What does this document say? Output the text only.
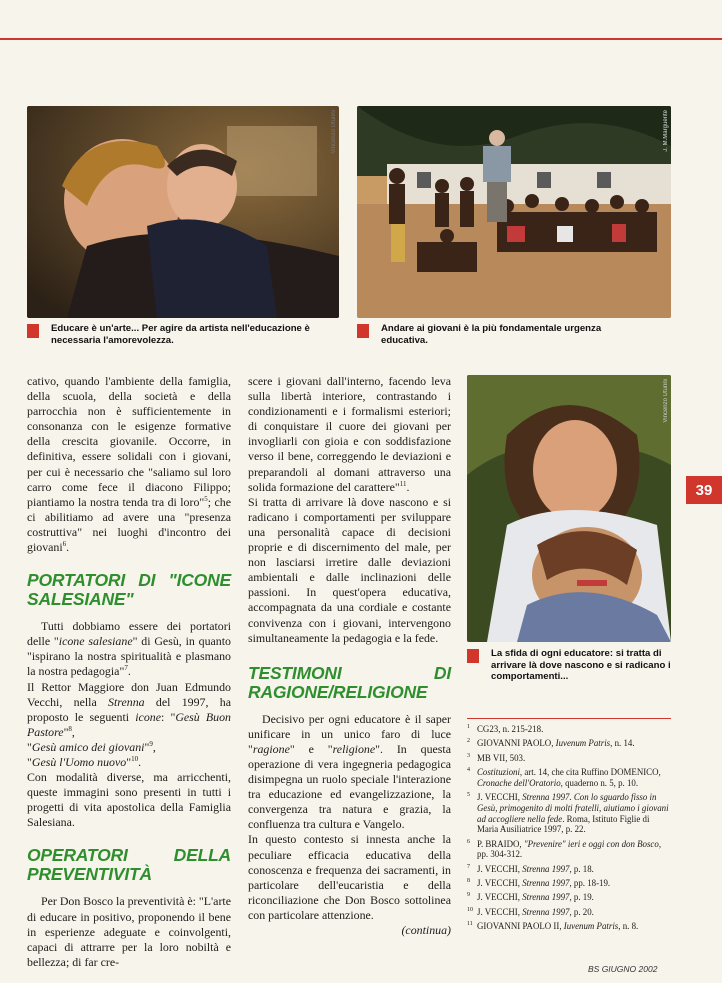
Vincenzo Utunni	J. M.Marguerite
Educare è un'arte... Per agire da artista nell'educazione è necessaria l'amorevolezza.
Andare ai giovani è la più fondamentale urgenza educativa.
Vincenzo Utunni
La sfida di ogni educatore: si tratta di arrivare là dove nascono e si radicano i comportamenti...
39

cativo, quando l'ambiente della famiglia, della scuola, della società e della parrocchia non è sufficientemente in consonanza con le esigenze formative della crescita giovanile. Occorre, in definitiva, essere solidali con i giovani, per cui è necessario che "saliamo sul loro carro come fece il diacono Filippo; piantiamo la nostra tenda tra di loro"$^5$; che ci abilitiamo ad avere una "presenza costruttiva" nei luoghi d'incontro dei giovani$^6$.

PORTATORI DI "ICONE SALESIANE"

Tutti dobbiamo essere dei portatori delle "icone salesiane" di Gesù, in quanto "ispirano la nostra spiritualità e plasmano la nostra pedagogia"$^7$.

Il Rettor Maggiore don Juan Edmundo Vecchi, nella Strenna del 1997, ha proposto le seguenti icone: "Gesù Buon Pastore"$^8$,
"Gesù amico dei giovani"$^9$,
"Gesù l'Uomo nuovo"$^{10}$.

Con modalità diverse, ma arricchenti, queste immagini sono presenti in tutti i progetti di vita apostolica della Famiglia Salesiana.

OPERATORI DELLA PREVENTIVITÀ

Per Don Bosco la preventività è: "L'arte di educare in positivo, proponendo il bene in esperienze adeguate e coinvolgenti, capaci di attrarre per la loro nobiltà e bellezza; di far cre-

scere i giovani dall'interno, facendo leva sulla libertà interiore, contrastando i condizionamenti e i formalismi esteriori; di conquistare il cuore dei giovani per invogliarli con gioia e con soddisfazione verso il bene, correggendo le deviazioni e preparandoli al domani attraverso una solida formazione del carattere"$^{11}$.

Si tratta di arrivare là dove nascono e si radicano i comportamenti per sviluppare una personalità capace di decisioni proprie e di discernimento del male, per non lasciarsi irretire dalle deviazioni ambientali e dalle inclinazioni delle passioni. In quest'opera educativa, accompagnata da una cordiale e costante convivenza con i giovani, intervengono simultaneamente la pedagogia e la fede.

TESTIMONI DI RAGIONE/RELIGIONE

Decisivo per ogni educatore è il saper unificare in un unico faro di luce "ragione" e "religione". In questa operazione di vera ingegneria pedagogica disimpegna un ruolo speciale l'interazione tra educazione ed evangelizzazione, la convergenza tra natura e grazia, la confluenza tra cultura e Vangelo.

In questo contesto si innesta anche la peculiare efficacia educativa della conoscenza e frequenza dei sacramenti, in particolare dell'eucaristia e della riconciliazione che Don Bosco sottolinea con particolare attenzione.

(continua)

1 CG23, n. 215-218.

2 GIOVANNI PAOLO, Iuvenum Patris, n. 14.

3 MB VII, 503.

4 Costituzioni, art. 14, che cita Ruffino DOMENICO, Cronache dell'Oratorio, quaderno n. 5, p. 10.

5 J. VECCHI, Strenna 1997. Con lo sguardo fisso in Gesù, primogenito di molti fratelli, aiutiamo i giovani ad accogliere nella fede. Roma, Istituto Figlie di Maria Ausiliatrice 1997, p. 22.

6 P. BRAIDO, "Prevenire" ieri e oggi con don Bosco, pp. 304-312.

7 J. VECCHI, Strenna 1997, p. 18.

8 J. VECCHI, Strenna 1997, pp. 18-19.

9 J. VECCHI, Strenna 1997, p. 19.

10 J. VECCHI, Strenna 1997, p. 20.

11 GIOVANNI PAOLO II, Iuvenum Patris, n. 8.

BS GIUGNO 2002
